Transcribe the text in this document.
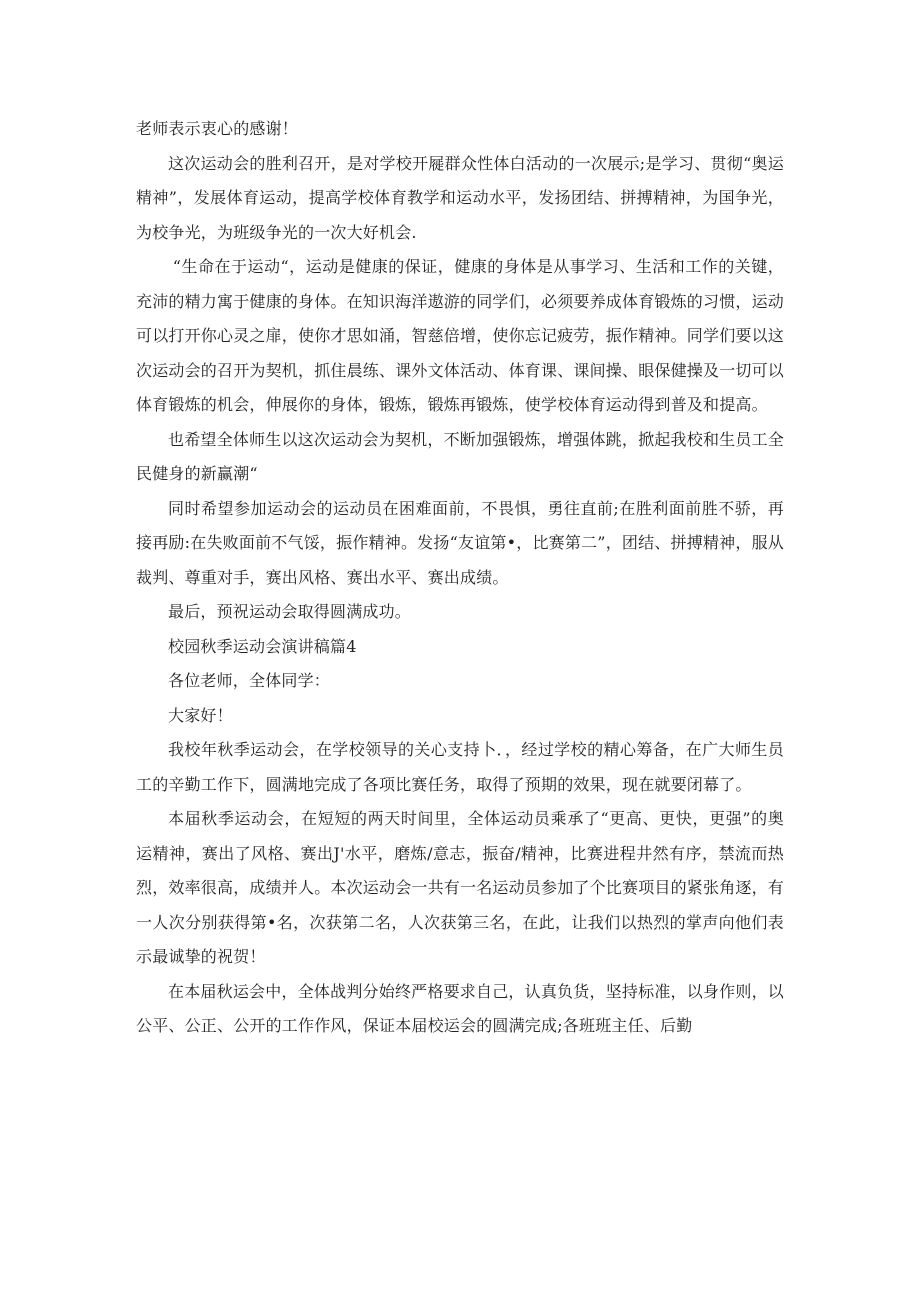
老师表示衷心的感谢！

这次运动会的胜利召开，是对学校开屣群众性体白活动的一次展示;是学习、贯彻“奥运精神”，发展体育运动，提高学校体育教学和运动水平，发扬团结、拼搏精神，为国争光，为校争光，为班级争光的一次大好机会.

“生命在于运动“，运动是健康的保证，健康的身体是从事学习、生活和工作的关键，充沛的精力寓于健康的身体。在知识海洋遨游的同学们，必须要养成体育锻炼的习惯，运动可以打开你心灵之扉，使你才思如涌，智慈倍增，使你忘记疲劳，振作精神。同学们要以这次运动会的召开为契机，抓住晨练、课外文体活动、体育课、课间操、眼保健操及一切可以体育锻炼的机会，伸展你的身体，锻炼，锻炼再锻炼，使学校体育运动得到普及和提高。

也希望全体师生以这次运动会为契机，不断加强锻炼，增强体跳，掀起我校和生员工全民健身的新赢潮“

同时希望参加运动会的运动员在困难面前，不畏惧，勇往直前;在胜利面前胜不骄，再接再励:在失败面前不气馁，振作精神。发扬“友谊第•，比赛第二”，团结、拼搏精神，服从裁判、尊重对手，赛出风格、赛出水平、赛出成绩。

最后，预祝运动会取得圆满成功。

校园秋季运动会演讲稿篇4

各位老师，全体同学：

大家好！

我校年秋季运动会，在学校领导的关心支持卜．，经过学校的精心筹备，在广大师生员工的辛勤工作下，圆满地完成了各项比赛任务，取得了预期的效果，现在就要闭幕了。

本届秋季运动会，在短短的两天时间里，全体运动员乘承了“更高、更快，更强”的奥运精神，赛出了风格、赛出J'水平，磨炼/意志，振奋/精神，比赛进程井然有序，禁流而热烈，效率很高，成绩并人。本次运动会一共有一名运动员参加了个比赛项目的紧张角逐，有一人次分别获得第•名，次获第二名，人次获第三名，在此，让我们以热烈的掌声向他们表示最诚挚的祝贺！

在本届秋运会中，全体战判分始终严格要求自己，认真负货，坚持标准，以身作则，以公平、公正、公开的工作作风，保证本届校运会的圆满完成;各班班主任、后勤
